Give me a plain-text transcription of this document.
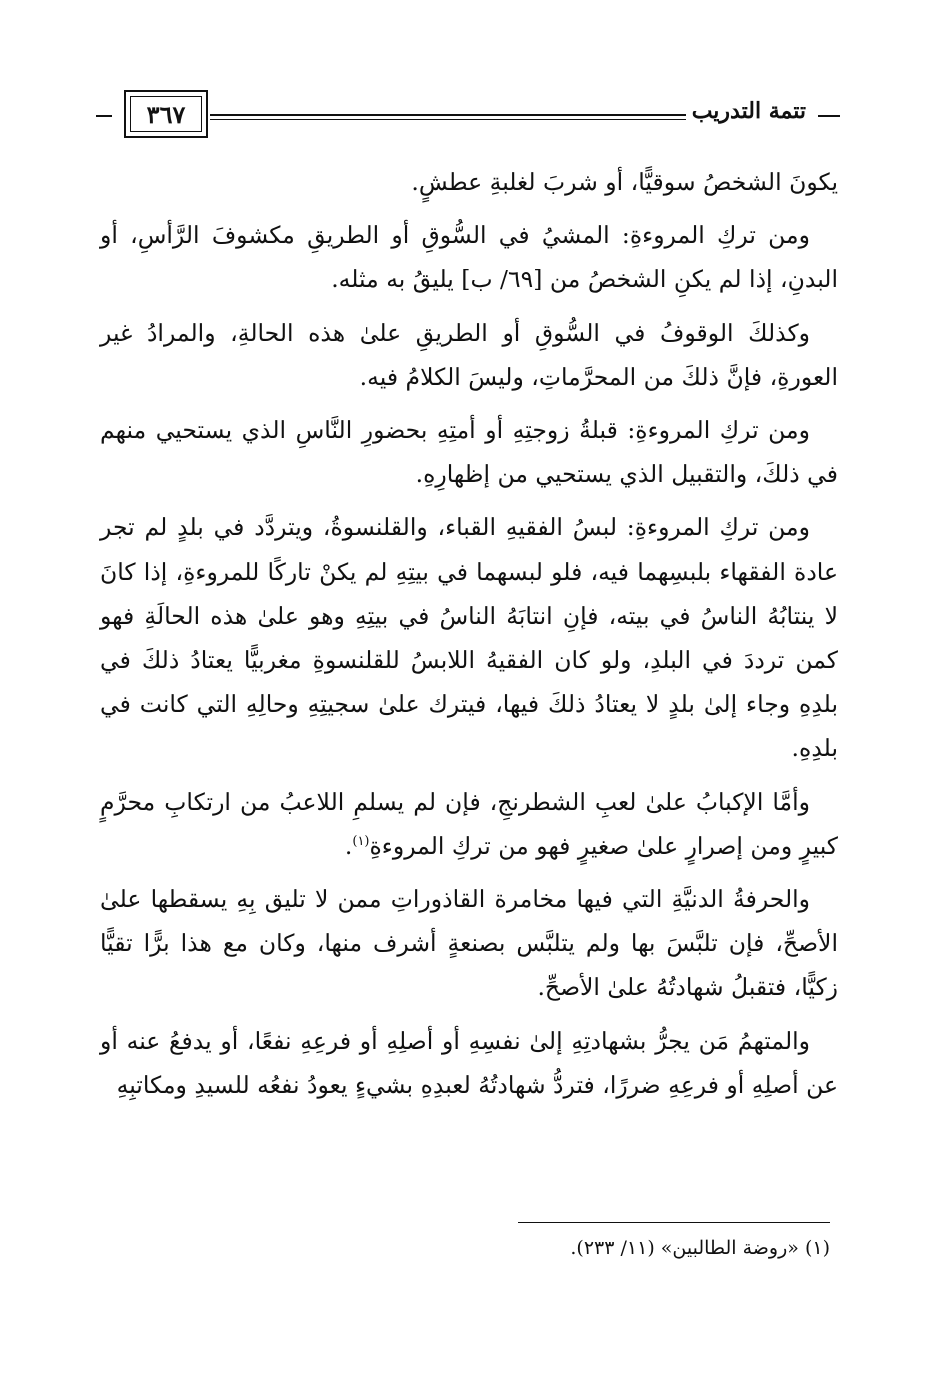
٣٦٧	تتمة التدريب

يكونَ الشخصُ سوقيًّا، أو شربَ لغلبةِ عطشٍ.

ومن تركِ المروءةِ: المشيُ في السُّوقِ أو الطريقِ مكشوفَ الرَّأسِ، أو البدنِ، إذا لم يكنِ الشخصُ من [٦٩/ ب] يليقُ به مثله.

وكذلكَ الوقوفُ في السُّوقِ أو الطريقِ علىٰ هذه الحالةِ، والمرادُ غير العورةِ، فإنَّ ذلكَ من المحرَّماتِ، وليسَ الكلامُ فيه.

ومن تركِ المروءةِ: قبلةُ زوجتِهِ أو أمتِهِ بحضورِ النَّاسِ الذي يستحيي منهم في ذلكَ، والتقبيل الذي يستحيي من إظهارِهِ.

ومن تركِ المروءةِ: لبسُ الفقيهِ القباء، والقلنسوةُ، ويتردَّد في بلدٍ لم تجر عادة الفقهاء بلبسِهما فيه، فلو لبسهما في بيتِهِ لم يكنْ تاركًا للمروءةِ، إذا كانَ لا ينتابُهُ الناسُ في بيته، فإنِ انتابَهُ الناسُ في بيتِهِ وهو علىٰ هذه الحالَةِ فهو كمن ترددَ في البلدِ، ولو كان الفقيهُ اللابسُ للقلنسوةِ مغربيًّا يعتادُ ذلكَ في بلدِهِ وجاء إلىٰ بلدٍ لا يعتادُ ذلكَ فيها، فيترك علىٰ سجيتِهِ وحالِهِ التي كانت في بلدِهِ.

وأمَّا الإكبابُ علىٰ لعبِ الشطرنجِ، فإن لم يسلمِ اللاعبُ من ارتكابِ محرَّمٍ كبيرٍ ومن إصرارٍ علىٰ صغيرٍ فهو من تركِ المروءةِ$^{(١)}$.

والحرفةُ الدنيَّةِ التي فيها مخامرة القاذوراتِ ممن لا تليق بِهِ يسقطها علىٰ الأصحِّ، فإن تلبَّسَ بها ولم يتلبَّس بصنعةٍ أشرف منها، وكان مع هذا برًّا تقيًّا زكيًّا، فتقبلُ شهادتُهُ علىٰ الأصحِّ.

والمتهمُ مَن يجرُّ بشهادتِهِ إلىٰ نفسِهِ أو أصلِهِ أو فرعِهِ نفعًا، أو يدفعُ عنه أو عن أصلِهِ أو فرعِهِ ضررًا، فتردُّ شهادتُهُ لعبدِهِ بشيءٍ يعودُ نفعُه للسيدِ ومكاتبِهِ

(١) «روضة الطالبين» (١١/ ٢٣٣).
